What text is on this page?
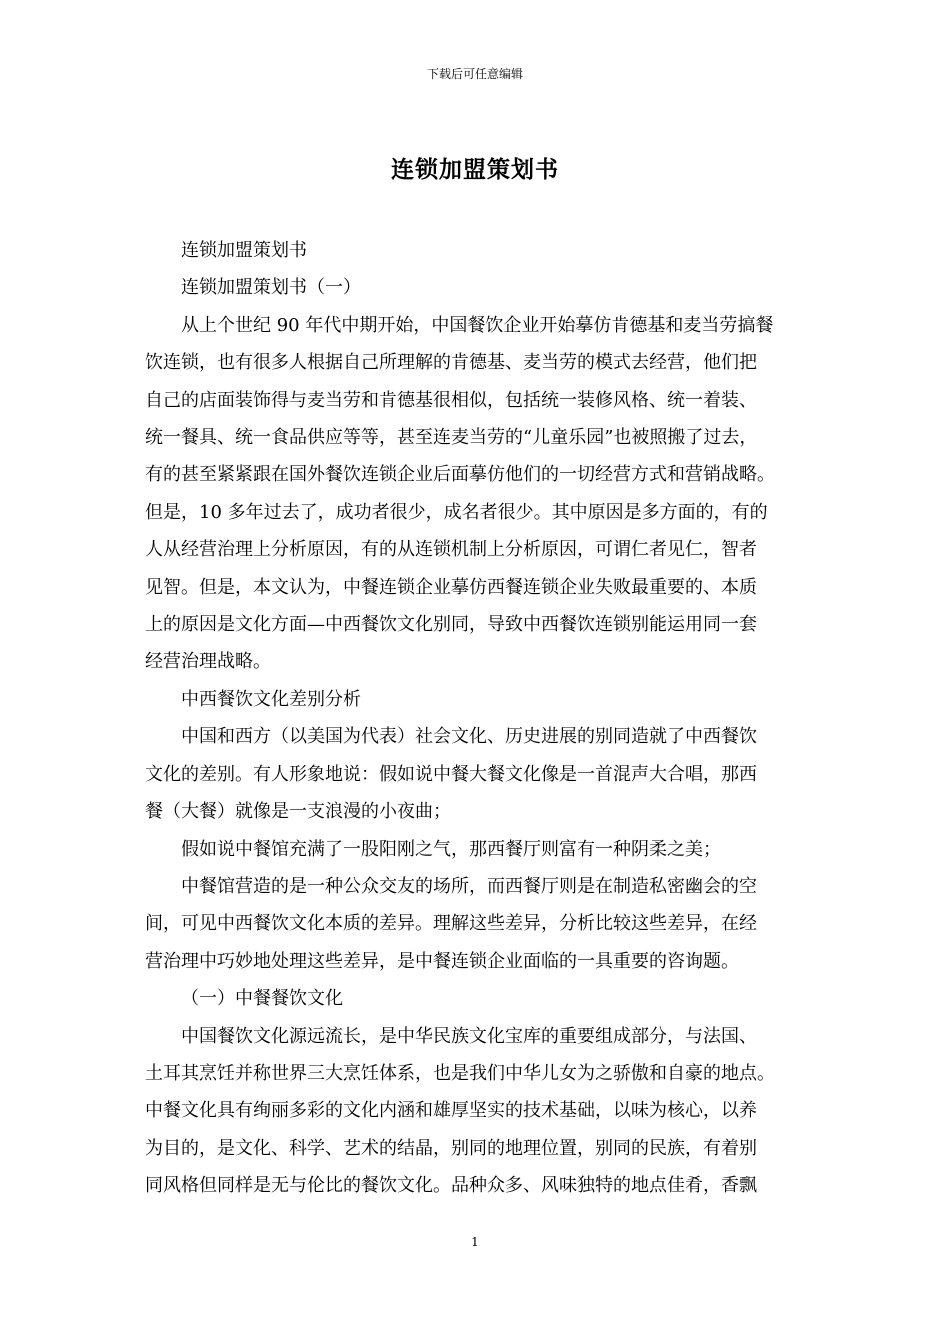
下载后可任意编辑
连锁加盟策划书
连锁加盟策划书
连锁加盟策划书（一）
从上个世纪 90 年代中期开始，中国餐饮企业开始摹仿肯德基和麦当劳搞餐
饮连锁，也有很多人根据自己所理解的肯德基、麦当劳的模式去经营，他们把
自己的店面装饰得与麦当劳和肯德基很相似，包括统一装修风格、统一着装、
统一餐具、统一食品供应等等，甚至连麦当劳的“儿童乐园”也被照搬了过去，
有的甚至紧紧跟在国外餐饮连锁企业后面摹仿他们的一切经营方式和营销战略。
但是，10 多年过去了，成功者很少，成名者很少。其中原因是多方面的，有的
人从经营治理上分析原因，有的从连锁机制上分析原因，可谓仁者见仁，智者
见智。但是，本文认为，中餐连锁企业摹仿西餐连锁企业失败最重要的、本质
上的原因是文化方面—中西餐饮文化别同，导致中西餐饮连锁别能运用同一套
经营治理战略。
中西餐饮文化差别分析
中国和西方（以美国为代表）社会文化、历史进展的别同造就了中西餐饮
文化的差别。有人形象地说：假如说中餐大餐文化像是一首混声大合唱，那西
餐（大餐）就像是一支浪漫的小夜曲；
假如说中餐馆充满了一股阳刚之气，那西餐厅则富有一种阴柔之美；
中餐馆营造的是一种公众交友的场所，而西餐厅则是在制造私密幽会的空
间，可见中西餐饮文化本质的差异。理解这些差异，分析比较这些差异，在经
营治理中巧妙地处理这些差异，是中餐连锁企业面临的一具重要的咨询题。
（一）中餐餐饮文化
中国餐饮文化源远流长，是中华民族文化宝库的重要组成部分，与法国、
土耳其烹饪并称世界三大烹饪体系，也是我们中华儿女为之骄傲和自豪的地点。
中餐文化具有绚丽多彩的文化内涵和雄厚坚实的技术基础，以味为核心，以养
为目的，是文化、科学、艺术的结晶，别同的地理位置，别同的民族，有着别
同风格但同样是无与伦比的餐饮文化。品种众多、风味独特的地点佳肴，香飘
1
